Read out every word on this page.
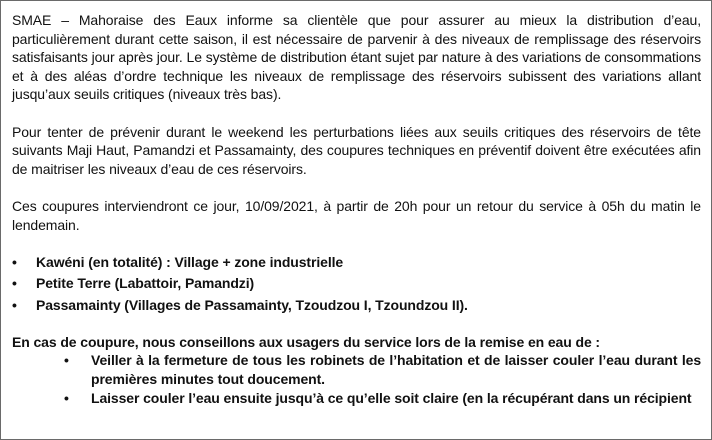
SMAE – Mahoraise des Eaux informe sa clientèle que pour assurer au mieux la distribution d’eau, particulièrement durant cette saison, il est nécessaire de parvenir à des niveaux de remplissage des réservoirs satisfaisants jour après jour. Le système de distribution étant sujet par nature à des variations de consommations et à des aléas d’ordre technique les niveaux de remplissage des réservoirs subissent des variations allant jusqu’aux seuils critiques (niveaux très bas).

Pour tenter de prévenir durant le weekend les perturbations liées aux seuils critiques des réservoirs de tête suivants Maji Haut, Pamandzi et Passamainty, des coupures techniques en préventif doivent être exécutées afin de maitriser les niveaux d’eau de ces réservoirs.

Ces coupures interviendront ce jour, 10/09/2021, à partir de 20h pour un retour du service à 05h du matin le lendemain.

• Kawéni (en totalité) : Village + zone industrielle
• Petite Terre (Labattoir, Pamandzi)
• Passamainty (Villages de Passamainty, Tzoudzou I, Tzoundzou II).

En cas de coupure, nous conseillons aux usagers du service lors de la remise en eau de :

• Veiller à la fermeture de tous les robinets de l’habitation et de laisser couler l’eau durant les premières minutes tout doucement.
• Laisser couler l’eau ensuite jusqu’à ce qu’elle soit claire (en la récupérant dans un récipient
